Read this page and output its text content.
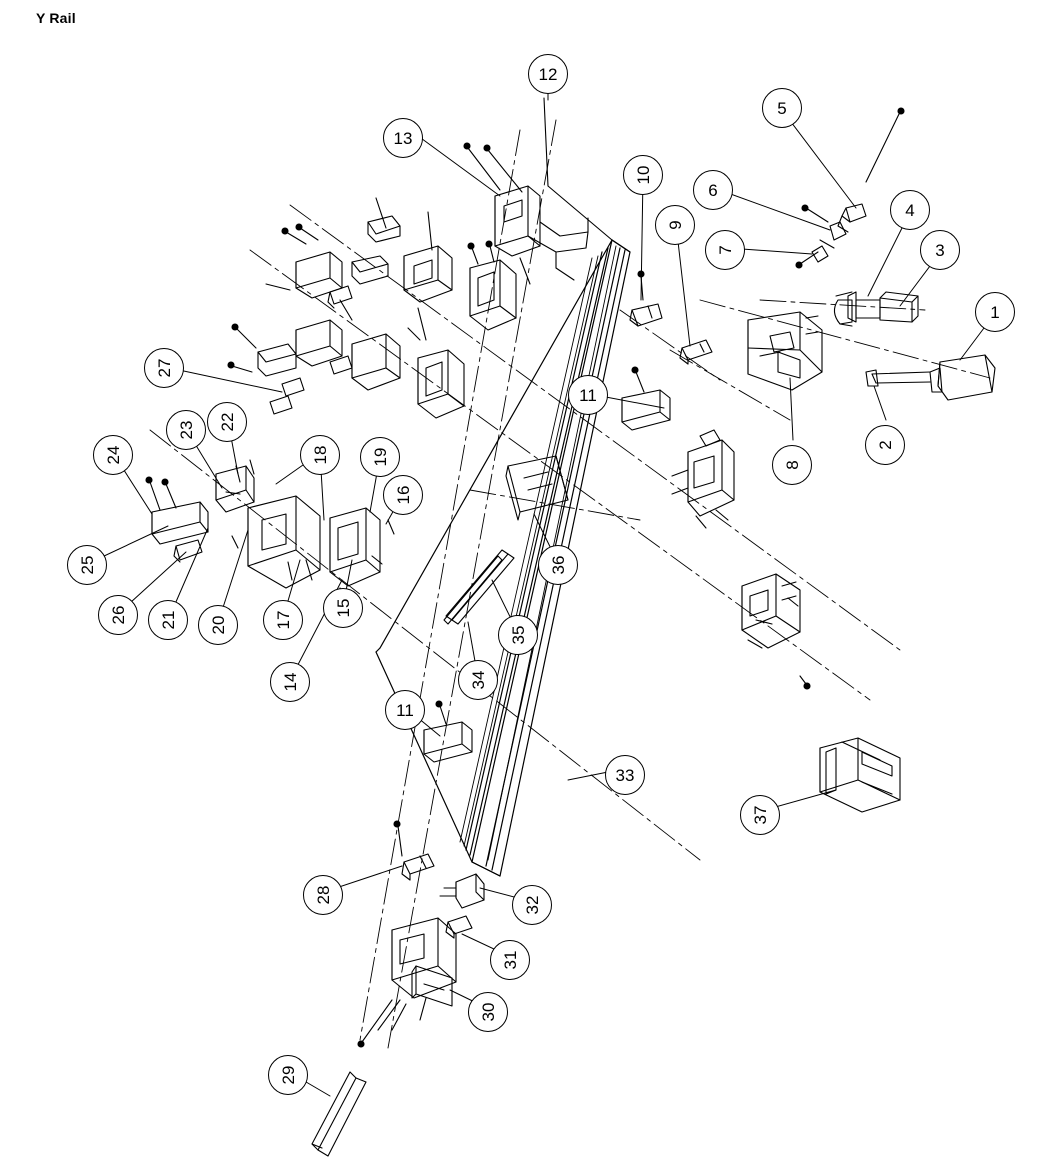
Y Rail
12
13
5
10
6
4
9
7	3
1
27
11
2
22
23
8
24	18 19
16
25	36
15
26 21 20	17
35
34
14
11
33
37
28
32
31
30
29
